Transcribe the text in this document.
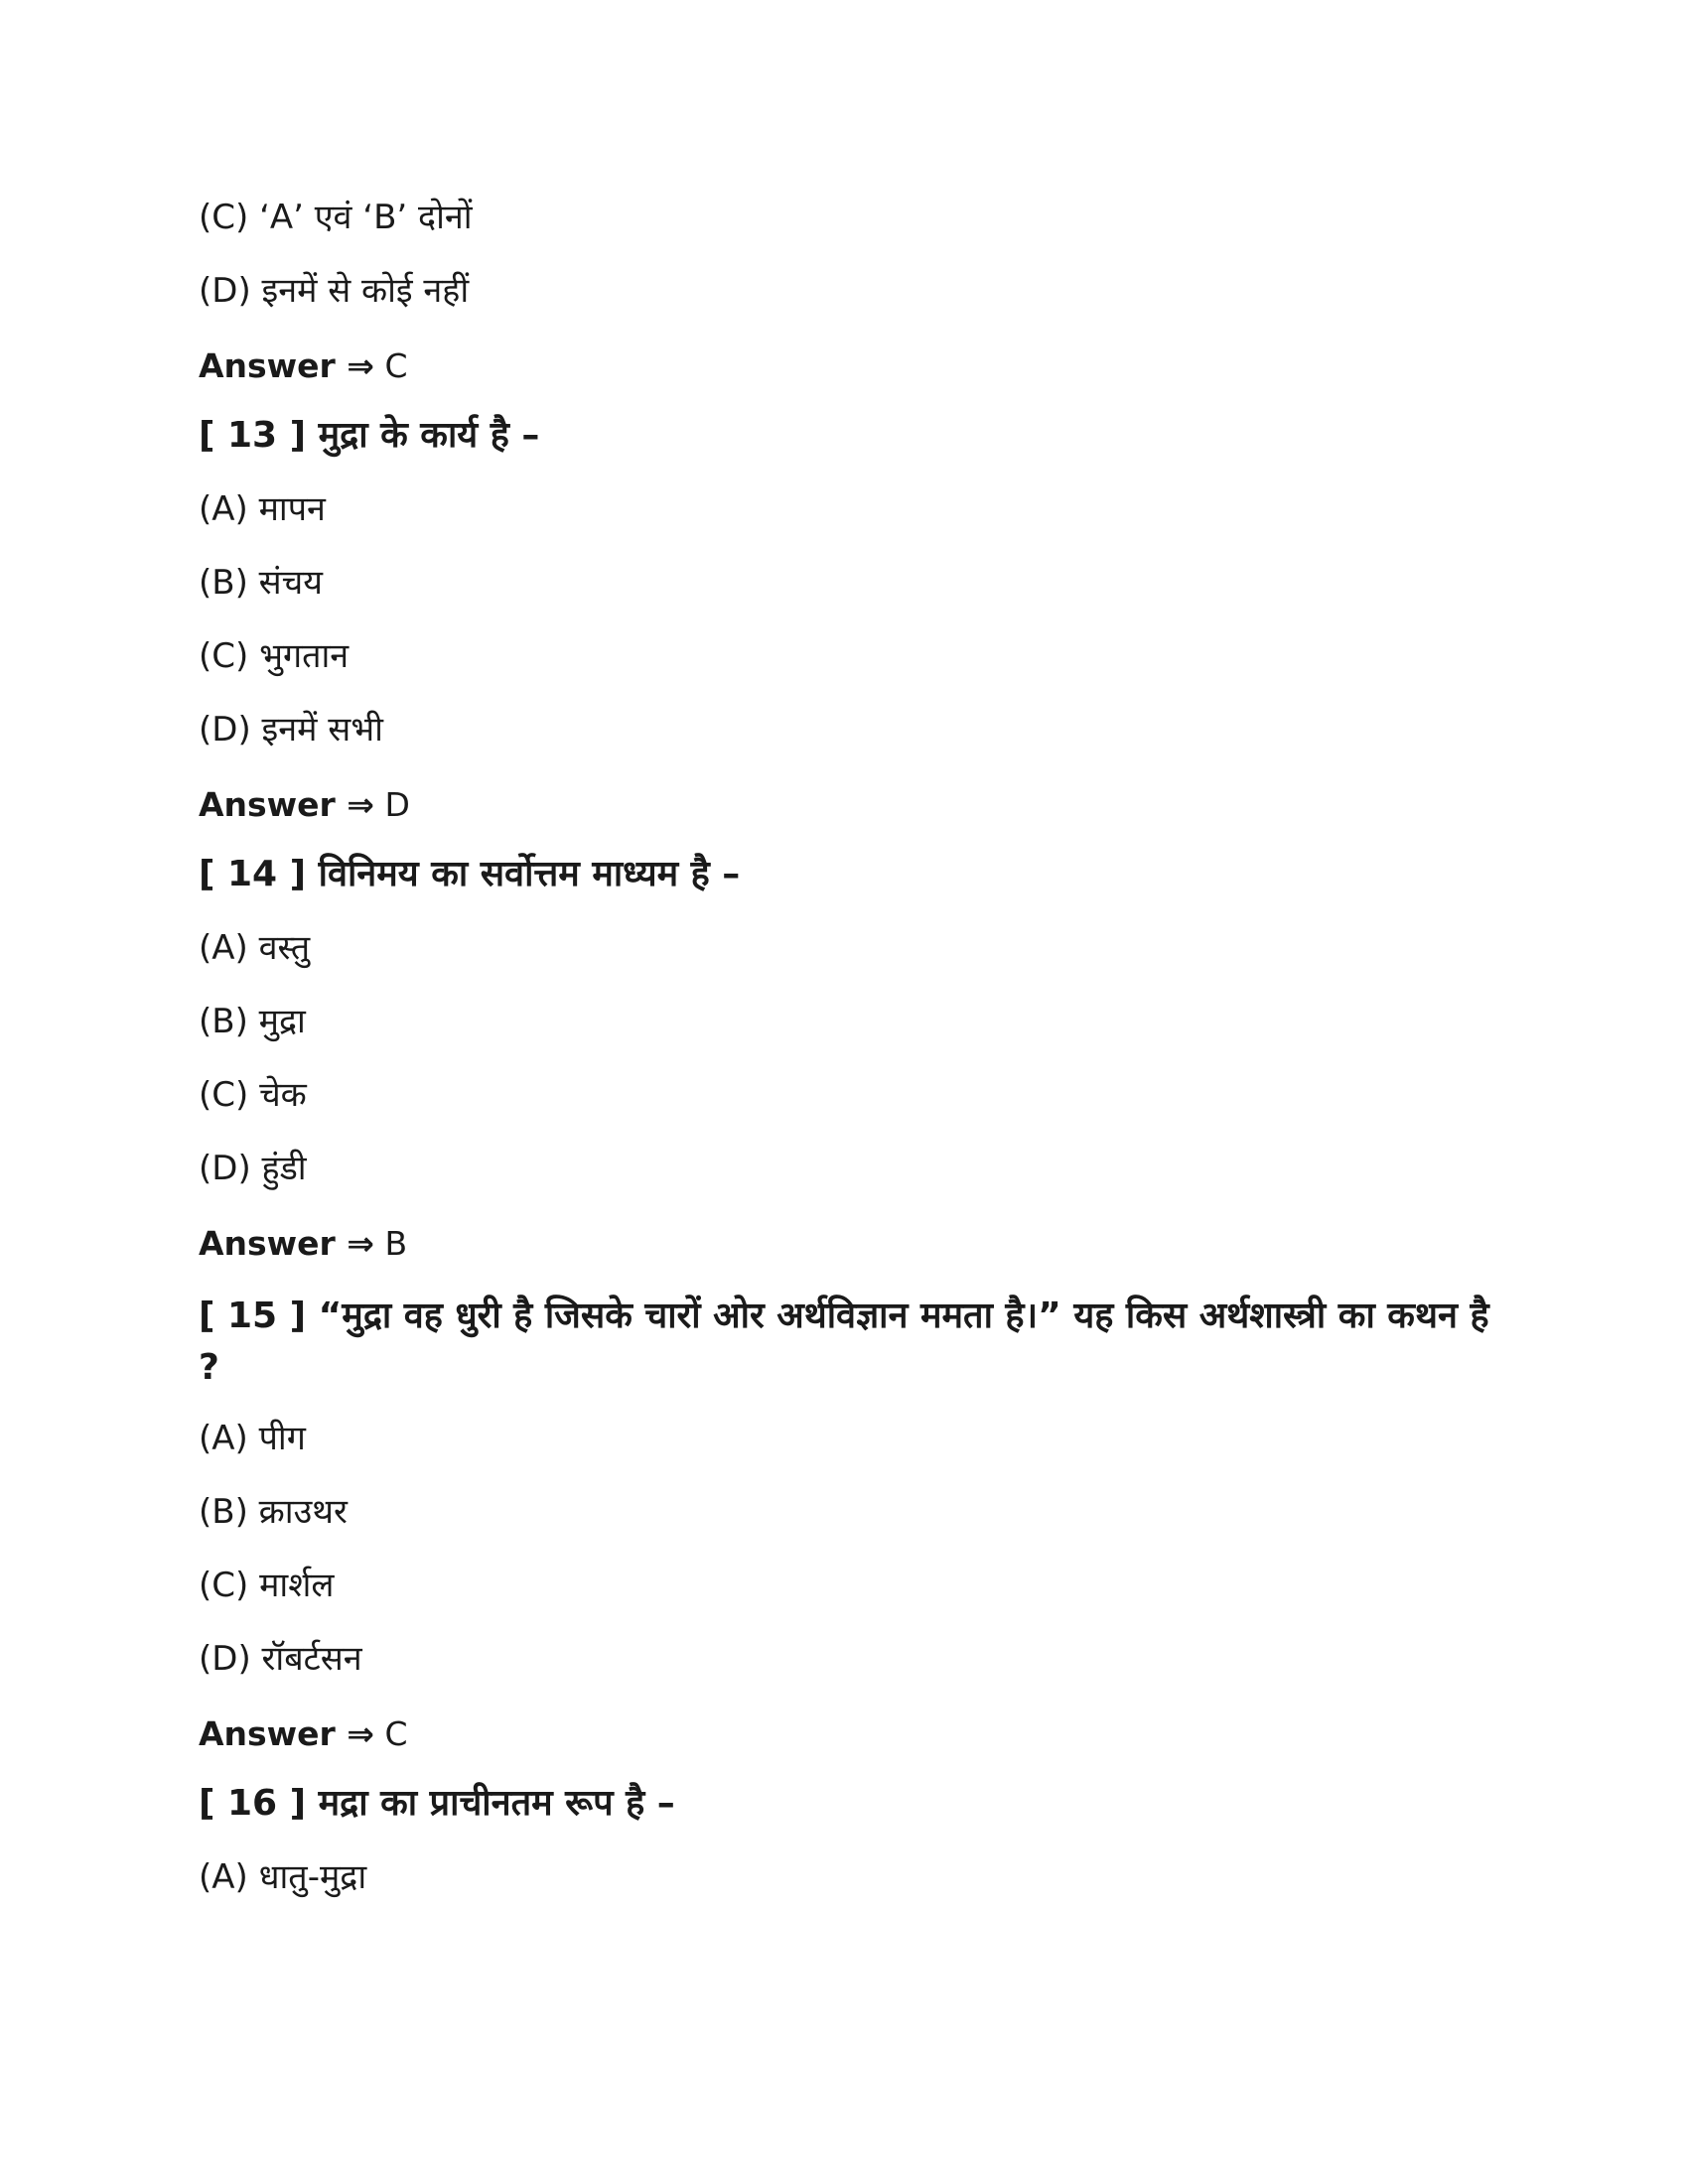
(C) ‘A’ एवं ‘B’ दोनों
(D) इनमें से कोई नहीं
Answer ⇒ C
[ 13 ] मुद्रा के कार्य है –
(A) मापन
(B) संचय
(C) भुगतान
(D) इनमें सभी
Answer ⇒ D
[ 14 ] विनिमय का सर्वोत्तम माध्यम है –
(A) वस्तु
(B) मुद्रा
(C) चेक
(D) हुंडी
Answer ⇒ B
[ 15 ] “मुद्रा वह धुरी है जिसके चारों ओर अर्थविज्ञान ममता है।” यह किस अर्थशास्त्री का कथन है ?
(A) पीग
(B) क्राउथर
(C) मार्शल
(D) रॉबर्टसन
Answer ⇒ C
[ 16 ] मद्रा का प्राचीनतम रूप है –
(A) धातु-मुद्रा
